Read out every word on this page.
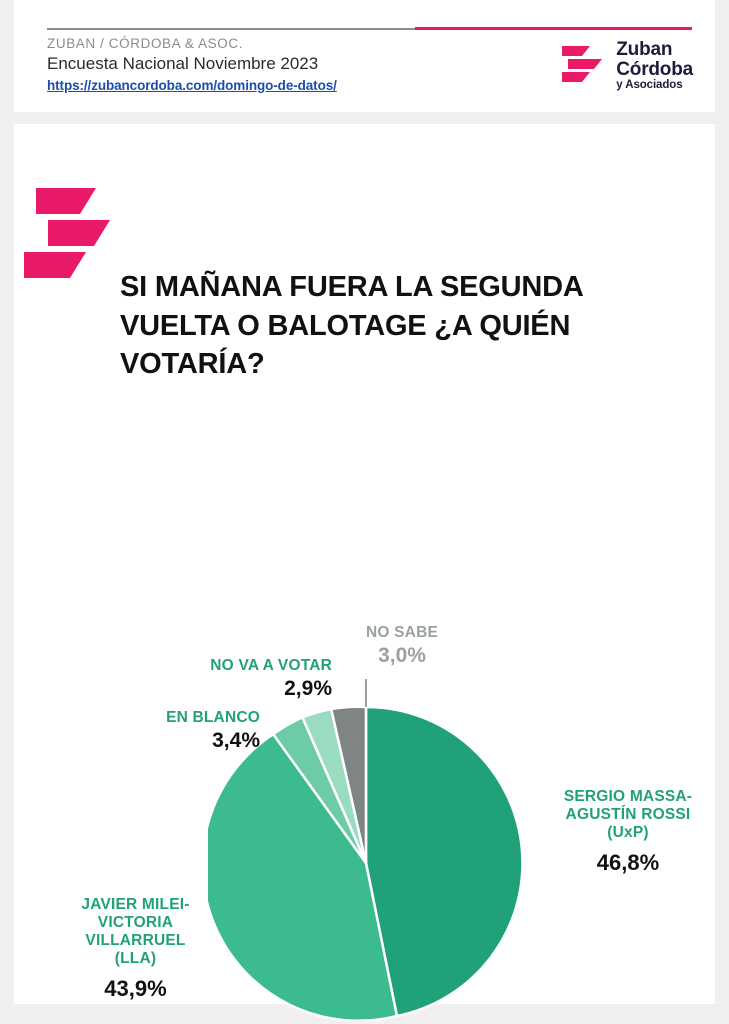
ZUBAN / CÓRDOBA & ASOC.
Encuesta Nacional Noviembre 2023
https://zubancordoba.com/domingo-de-datos/
Zuban
Córdoba
y Asociados
SI MAÑANA FUERA LA SEGUNDA VUELTA O BALOTAGE ¿A QUIÉN VOTARÍA?
SERGIO MASSA-
AGUSTÍN ROSSI
(UxP)
46,8%
JAVIER MILEI-
VICTORIA
VILLARRUEL
(LLA)
43,9%
EN BLANCO
3,4%
NO VA A VOTAR
2,9%
NO SABE
3,0%
